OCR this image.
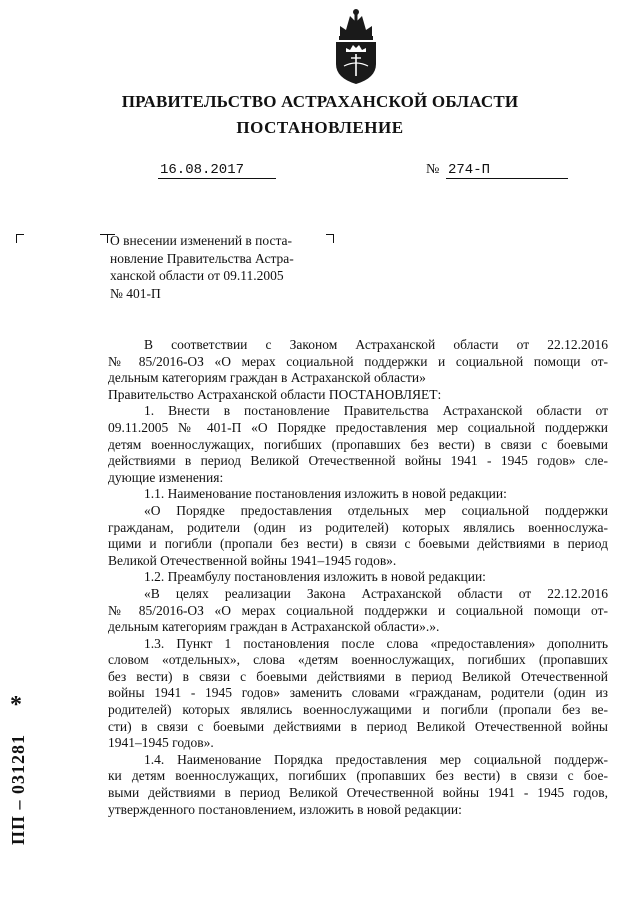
ПРАВИТЕЛЬСТВО АСТРАХАНСКОЙ ОБЛАСТИ
ПОСТАНОВЛЕНИЕ
16.08.2017	№ 274-П
О внесении изменений в поста-
новление Правительства Астра-
ханской области от 09.11.2005
№ 401-П
В соответствии с Законом Астраханской области от 22.12.2016
№ 85/2016-ОЗ «О мерах социальной поддержки и социальной помощи от-
дельным категориям граждан в Астраханской области»
Правительство Астраханской области ПОСТАНОВЛЯЕТ:
1. Внести в постановление Правительства Астраханской области от
09.11.2005 № 401-П «О Порядке предоставления мер социальной поддержки
детям военнослужащих, погибших (пропавших без вести) в связи с боевыми
действиями в период Великой Отечественной войны 1941 - 1945 годов» сле-
дующие изменения:
1.1. Наименование постановления изложить в новой редакции:
«О Порядке предоставления отдельных мер социальной поддержки
гражданам, родители (один из родителей) которых являлись военнослужа-
щими и погибли (пропали без вести) в связи с боевыми действиями в период
Великой Отечественной войны 1941–1945 годов».
1.2. Преамбулу постановления изложить в новой редакции:
«В целях реализации Закона Астраханской области от 22.12.2016
№ 85/2016-ОЗ «О мерах социальной поддержки и социальной помощи от-
дельным категориям граждан в Астраханской области».».
1.3. Пункт 1 постановления после слова «предоставления» дополнить
словом «отдельных», слова «детям военнослужащих, погибших (пропавших
без вести) в связи с боевыми действиями в период Великой Отечественной
войны 1941 - 1945 годов» заменить словами «гражданам, родители (один из
родителей) которых являлись военнослужащими и погибли (пропали без ве-
сти) в связи с боевыми действиями в период Великой Отечественной войны
1941–1945 годов».
1.4. Наименование Порядка предоставления мер социальной поддерж-
ки детям военнослужащих, погибших (пропавших без вести) в связи с бое-
выми действиями в период Великой Отечественной войны 1941 - 1945 годов,
утвержденного постановлением, изложить в новой редакции:
*
ПП – 031281
